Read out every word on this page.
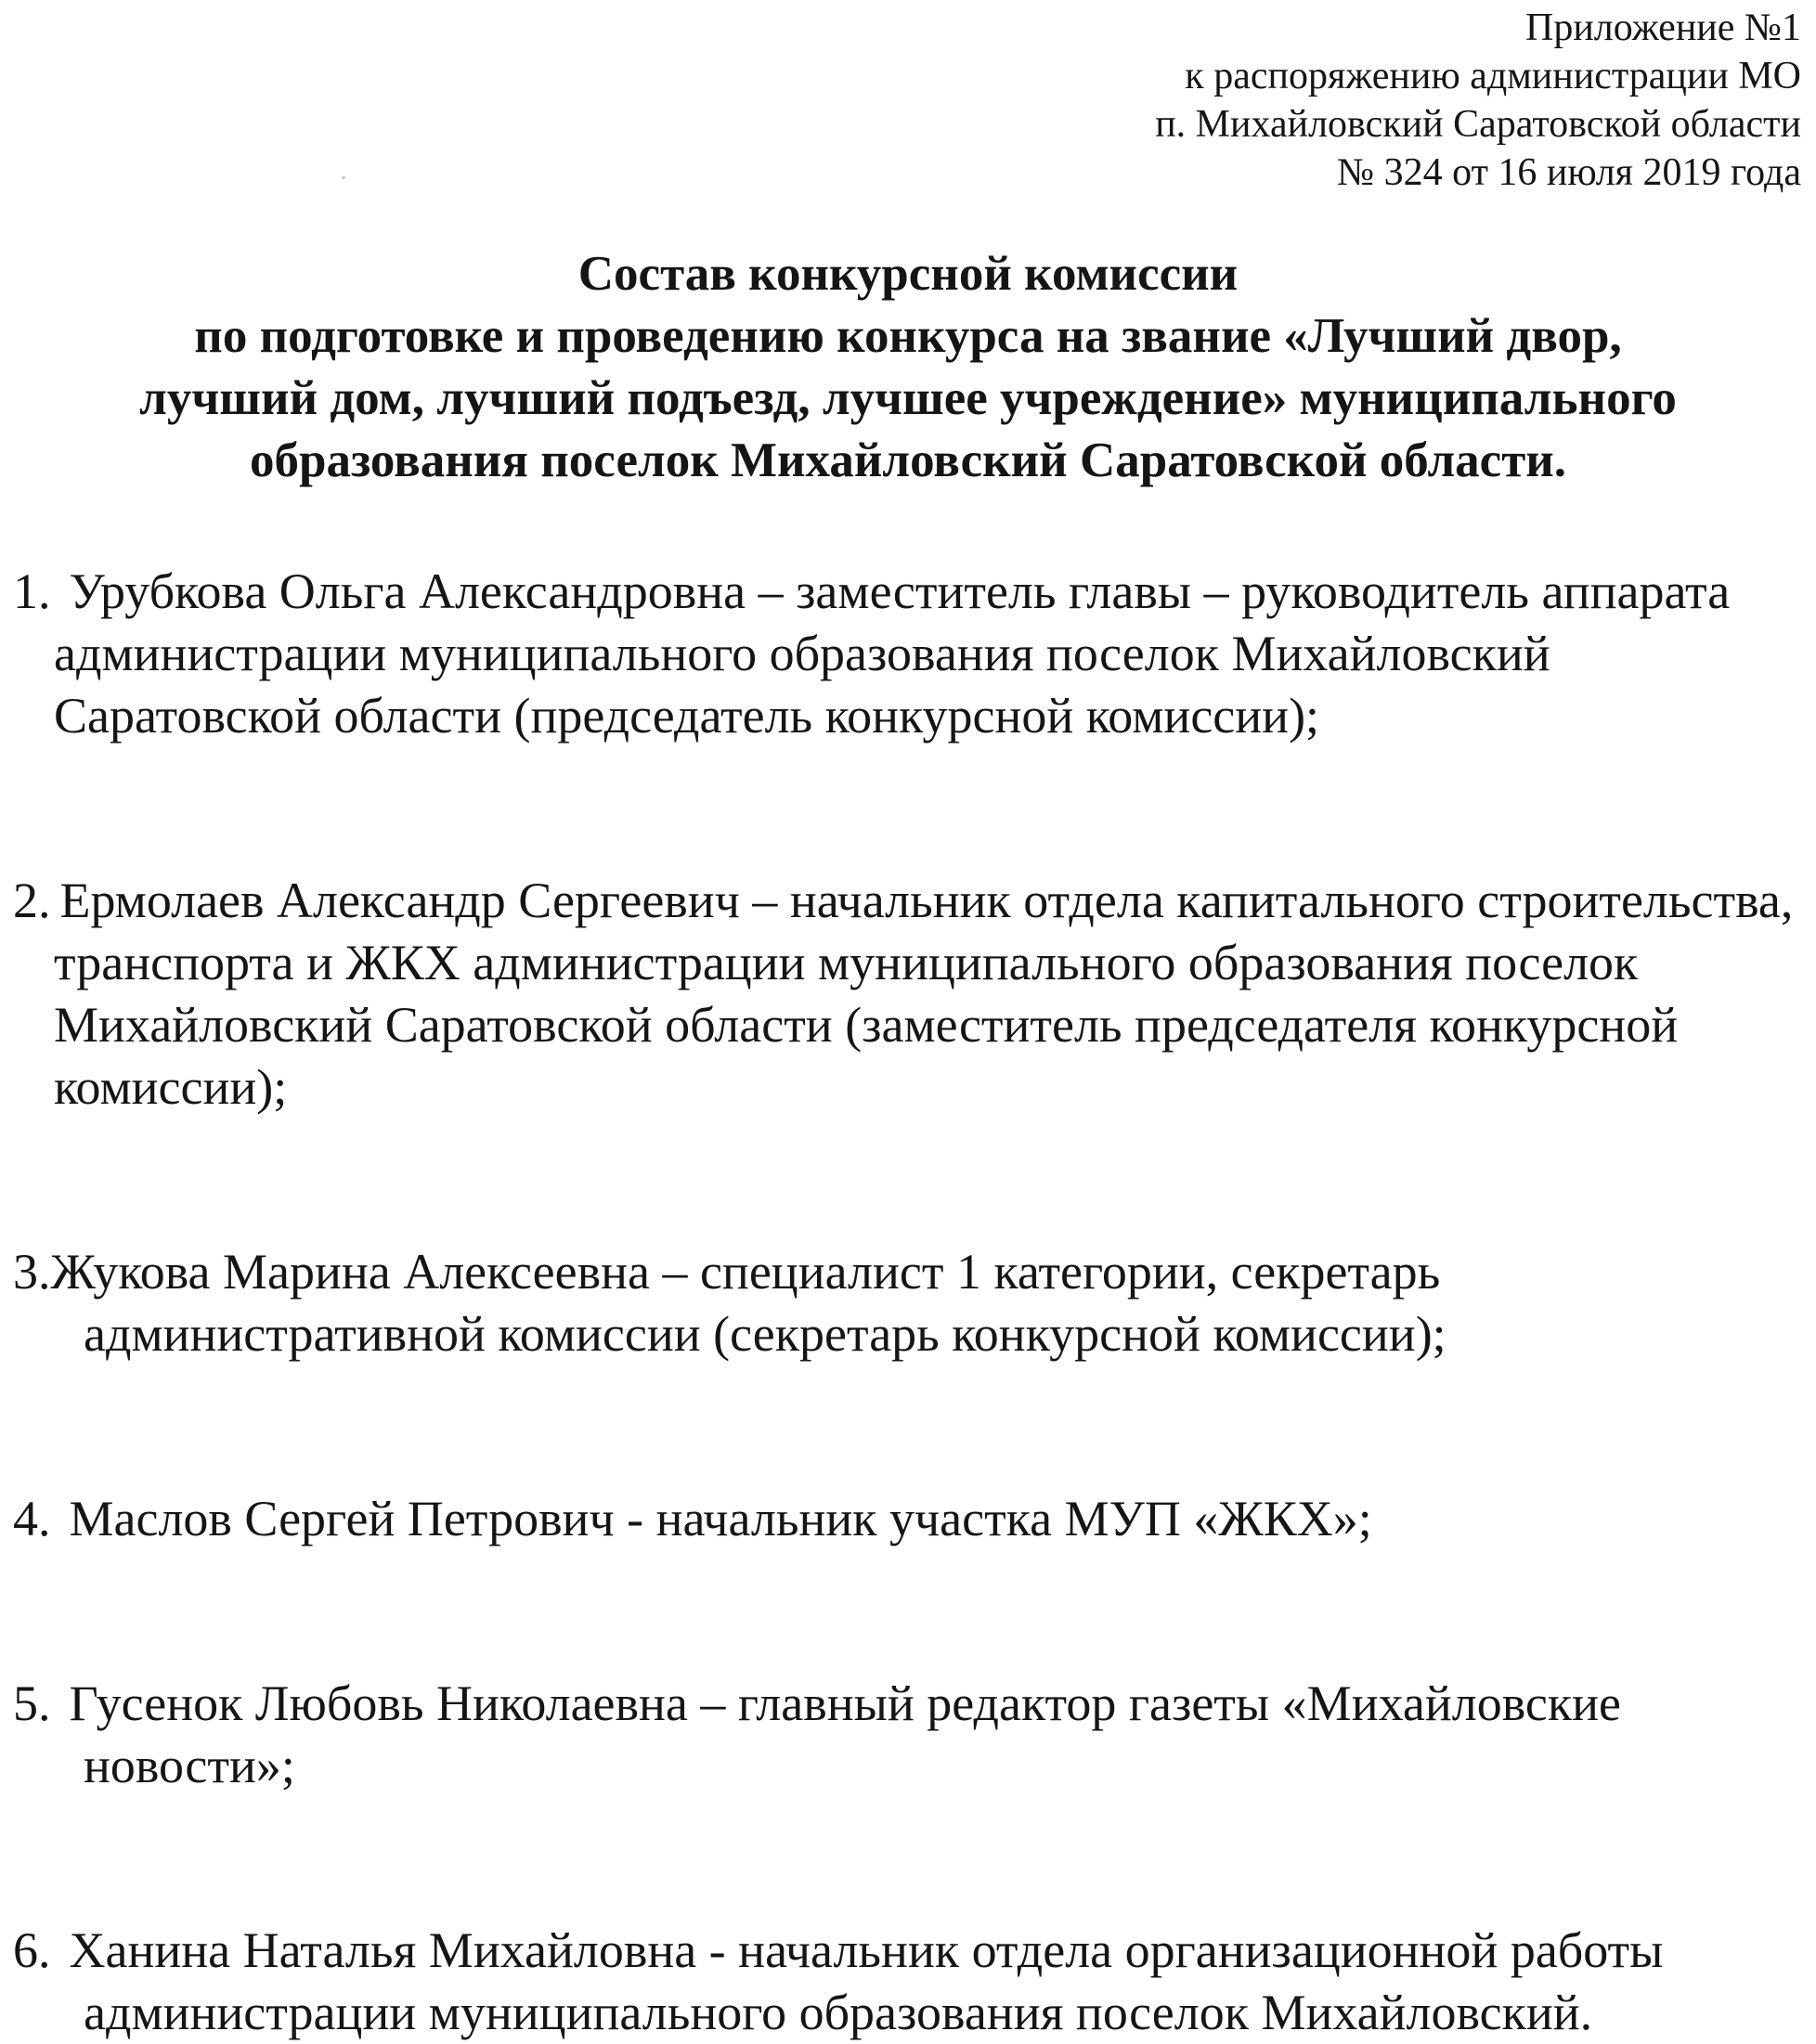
Приложение №1
к распоряжению администрации МО
п. Михайловский Саратовской области
№ 324 от 16 июля 2019 года
Состав конкурсной комиссии
по подготовке и проведению конкурса на звание «Лучший двор,
лучший дом, лучший подъезд, лучшее учреждение» муниципального
образования поселок Михайловский Саратовской области.
1. Урубкова Ольга Александровна – заместитель главы – руководитель аппарата администрации муниципального образования поселок Михайловский Саратовской области (председатель конкурсной комиссии);
2. Ермолаев Александр Сергеевич – начальник отдела капитального строительства, транспорта и ЖКХ администрации муниципального образования поселок Михайловский Саратовской области (заместитель председателя конкурсной комиссии);
3.Жукова Марина Алексеевна – специалист 1 категории, секретарь административной комиссии (секретарь конкурсной комиссии);
4. Маслов Сергей Петрович - начальник участка МУП «ЖКХ»;
5. Гусенок Любовь Николаевна – главный редактор газеты «Михайловские новости»;
6. Ханина Наталья Михайловна - начальник отдела организационной работы администрации муниципального образования поселок Михайловский.
